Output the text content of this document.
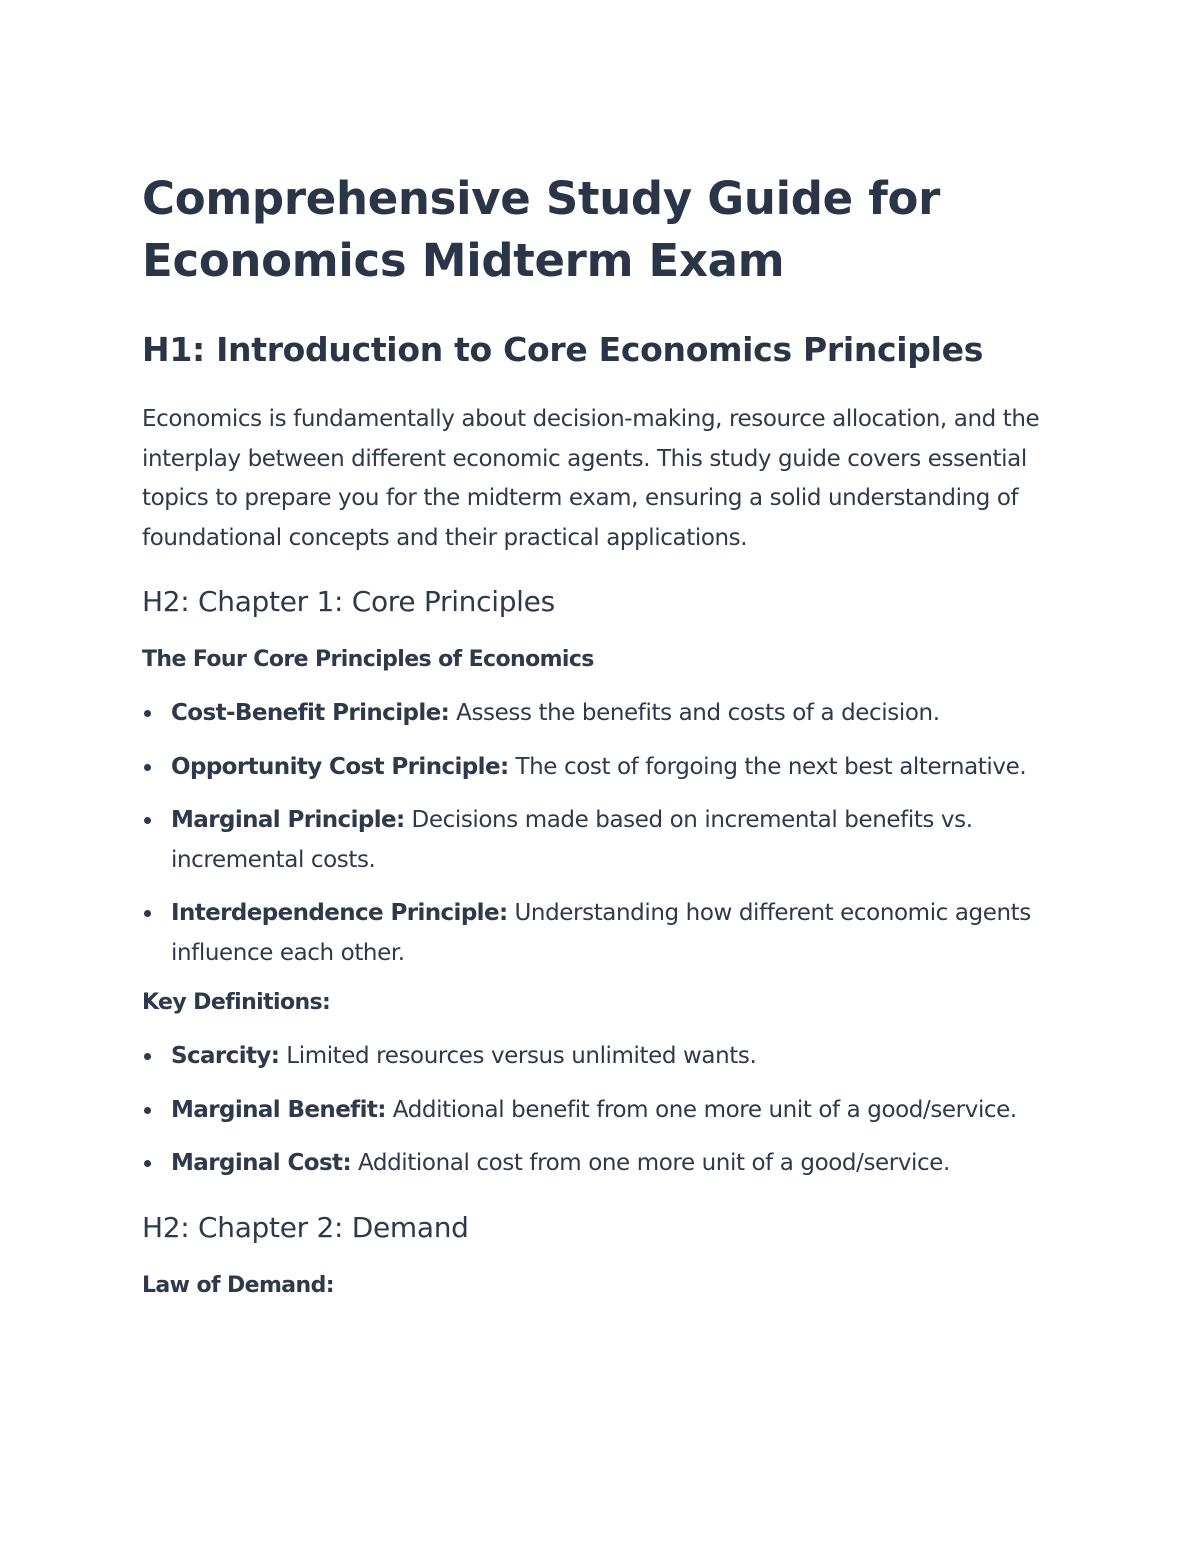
Comprehensive Study Guide for Economics Midterm Exam
H1: Introduction to Core Economics Principles

Economics is fundamentally about decision-making, resource allocation, and the interplay between different economic agents. This study guide covers essential topics to prepare you for the midterm exam, ensuring a solid understanding of foundational concepts and their practical applications.

H2: Chapter 1: Core Principles
The Four Core Principles of Economics
Cost-Benefit Principle: Assess the benefits and costs of a decision.
Opportunity Cost Principle: The cost of forgoing the next best alternative.
Marginal Principle: Decisions made based on incremental benefits vs. incremental costs.
Interdependence Principle: Understanding how different economic agents influence each other.
Key Definitions:
Scarcity: Limited resources versus unlimited wants.
Marginal Benefit: Additional benefit from one more unit of a good/service.
Marginal Cost: Additional cost from one more unit of a good/service.
H2: Chapter 2: Demand
Law of Demand:
